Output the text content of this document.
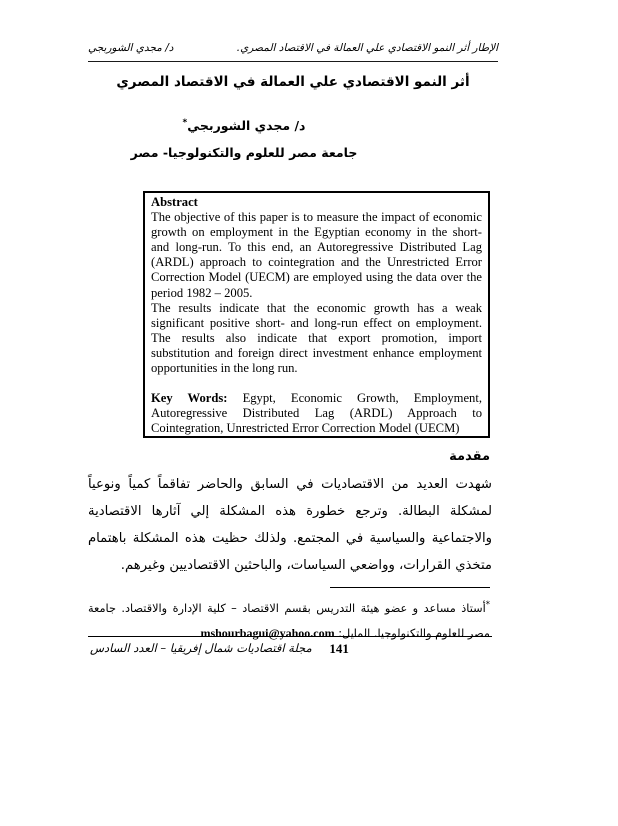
الإطار أثر النمو الاقتصادي علي العمالة في الاقتصاد المصري.
د/ مجدي الشوربجي
أثر النمو الاقتصادي علي العمالة في الاقتصاد المصري
د/ مجدي الشوربجي*
جامعة مصر للعلوم والتكنولوجيا- مصر
Abstract

The objective of this paper is to measure the impact of economic growth on employment in the Egyptian economy in the short- and long-run. To this end, an Autoregressive Distributed Lag (ARDL) approach to cointegration and the Unrestricted Error Correction Model (UECM) are employed using the data over the period 1982 – 2005.

The results indicate that the economic growth has a weak significant positive short- and long-run effect on employment. The results also indicate that export promotion, import substitution and foreign direct investment enhance employment opportunities in the long run.

Key Words: Egypt, Economic Growth, Employment, Autoregressive Distributed Lag (ARDL) Approach to Cointegration, Unrestricted Error Correction Model (UECM)

مقدمة
شهدت العديد من الاقتصاديات في السابق والحاضر تفاقماً كمياً ونوعياً لمشكلة البطالة. وترجع خطورة هذه المشكلة إلي آثارها الاقتصادية والاجتماعية والسياسية في المجتمع. ولذلك حظيت هذه المشكلة باهتمام متخذي القرارات، وواضعي السياسات، والباحثين الاقتصاديين وغيرهم.
*أستاذ مساعد و عضو هيئة التدريس بقسم الاقتصاد – كلية الإدارة والاقتصاد. جامعة مصر للعلوم والتكنولوجيا. المايل: mshourbagui@yahoo.com
مجلة اقتصاديات شمال إفريقيا – العدد السادس 141
